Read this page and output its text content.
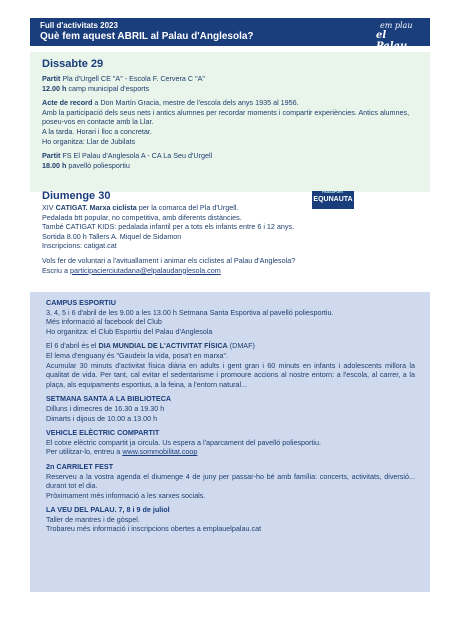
Full d'activitats 2023
Què fem aquest ABRIL al Palau d'Anglesola?
em plau
el Palau
Dissabte 29

Partit Pla d'Urgell CE "A" - Escola F. Cervera C "A"

12.00 h camp municipal d'esports

Acte de record a Don Martín Gracia, mestre de l'escola dels anys 1935 al 1956.

Amb la participació dels seus nets i antics alumnes per recordar moments i compartir experiències. Antics alumnes, poseu-vos en contacte amb la Llar.

A la tarda. Horari i lloc a concretar.

Ho organitza: Llar de Jubilats

Partit FS El Palau d'Anglesola A - CA La Seu d'Urgell

18.00 h pavelló poliesportiu

PASSAPORT
EQUNAUTA
Diumenge 30

XIV CATIGAT. Marxa ciclista per la comarca del Pla d'Urgell.

Pedalada btt popular, no competitiva, amb diferents distàncies.

També CATIGAT KIDS: pedalada infantil per a tots els infants entre 6 i 12 anys.

Sortida 8.00 h Tallers A. Miquel de Sidamon

Inscripcions: catigat.cat

Vols fer de voluntari a l'avituallament i animar els ciclistes al Palau d'Anglesola?

Escriu a participacierciutadana@elpalaudanglesola.com

CAMPUS ESPORTIU

3, 4, 5 i 6 d'abril de les 9.00 a les 13.00 h Setmana Santa Esportiva al pavelló poliesportiu.

Més informació al facebook del Club

Ho organitza: el Club Esportiu del Palau d'Anglesola

El 6 d'abril és el DIA MUNDIAL DE L'ACTIVITAT FÍSICA (DMAF)

El lema d'enguany és "Gaudeix la vida, posa't en marxa".

Acumular 30 minuts d'activitat física diària en adults i gent gran i 60 minuts en infants i adolescents millora la qualitat de vida. Per tant, cal evitar el sedentarisme i promoure accions al nostre entorn: a l'escola, al carrer, a la plaça, als equipaments esportius, a la feina, a l'entorn natural...

SETMANA SANTA A LA BIBLIOTECA

Dilluns i dimecres de 16.30 a 19.30 h

Dimarts i dijous de 10.00 a 13.00 h

VEHICLE ELÈCTRIC COMPARTIT

El cotxe elèctric compartit ja circula. Us espera a l'aparcament del pavelló poliesportiu.

Per utilitzar-lo, entreu a www.sommobilitat.coop

2n CARRILET FEST

Reserveu a la vostra agenda el diumenge 4 de juny per passar-ho bé amb família: concerts, activitats, diversió... durant tot el dia.

Pròximament més informació a les xarxes socials.

LA VEU DEL PALAU. 7, 8 i 9 de juliol

Taller de mantres i de gòspel.

Trobareu més informació i inscripcions obertes a emplauelpalau.cat
